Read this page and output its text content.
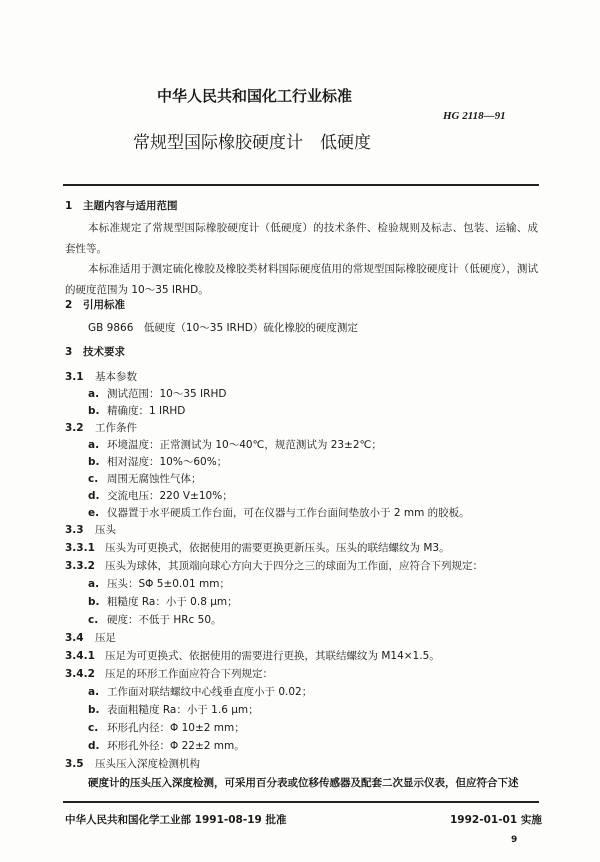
中华人民共和国化工行业标准
HG 2118—91
常规型国际橡胶硬度计　低硬度
1 主题内容与适用范围
本标准规定了常规型国际橡胶硬度计（低硬度）的技术条件、检验规则及标志、包装、运输、成套性等。
本标准适用于测定硫化橡胶及橡胶类材料国际硬度值用的常规型国际橡胶硬度计（低硬度），测试的硬度范围为 10～35 IRHD。
2 引用标准
GB 9866　低硬度（10～35 IRHD）硫化橡胶的硬度测定
3 技术要求
3.1 基本参数
a. 测试范围：10～35 IRHD
b. 精确度：1 IRHD
3.2 工作条件
a. 环境温度：正常测试为 10～40℃，规范测试为 23±2℃；
b. 相对湿度：10%～60%；
c. 周围无腐蚀性气体；
d. 交流电压：220 V±10%；
e. 仪器置于水平硬质工作台面，可在仪器与工作台面间垫放小于 2 mm 的胶板。
3.3 压头
3.3.1 压头为可更换式，依据使用的需要更换更新压头。压头的联结螺纹为 M3。
3.3.2 压头为球体，其顶端向球心方向大于四分之三的球面为工作面，应符合下列规定：
a. 压头：SΦ 5±0.01 mm；
b. 粗糙度 Ra：小于 0.8 μm；
c. 硬度：不低于 HRc 50。
3.4 压足
3.4.1 压足为可更换式、依据使用的需要进行更换，其联结螺纹为 M14×1.5。
3.4.2 压足的环形工作面应符合下列规定：
a. 工作面对联结螺纹中心线垂直度小于 0.02；
b. 表面粗糙度 Ra：小于 1.6 μm；
c. 环形孔内径：Φ 10±2 mm；
d. 环形孔外径：Φ 22±2 mm。
3.5 压头压入深度检测机构
硬度计的压头压入深度检测，可采用百分表或位移传感器及配套二次显示仪表，但应符合下述
中华人民共和国化学工业部 1991-08-19 批准	1992-01-01 实施
9
